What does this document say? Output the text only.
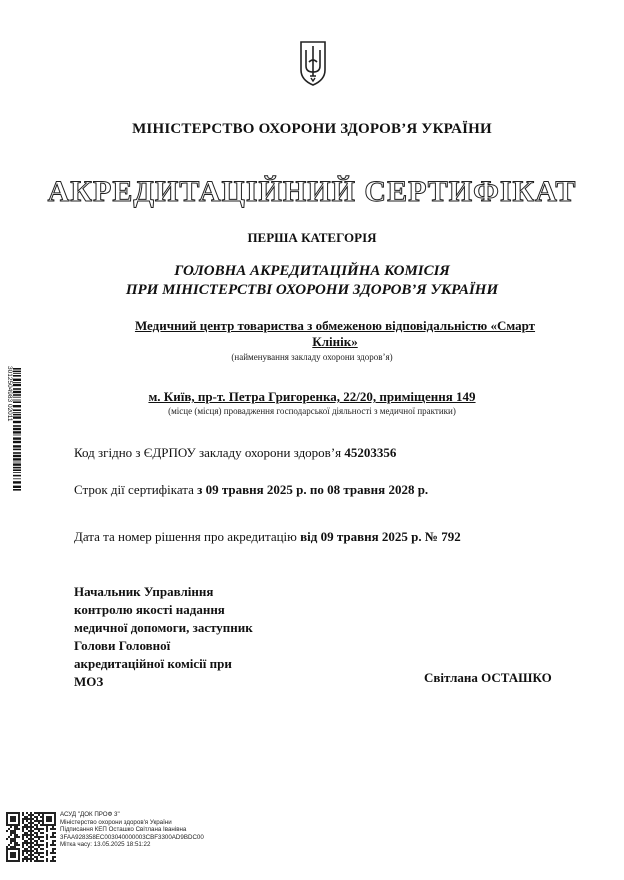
МІНІСТЕРСТВО ОХОРОНИ ЗДОРОВ’Я УКРАЇНИ
АКРЕДИТАЦІЙНИЙ СЕРТИФІКАТ
ПЕРША КАТЕГОРІЯ
ГОЛОВНА АКРЕДИТАЦІЙНА КОМІСІЯ
ПРИ МІНІСТЕРСТВІ ОХОРОНИ ЗДОРОВ’Я УКРАЇНИ
Медичний центр товариства з обмеженою відповідальністю «Смарт
Клінік»
(найменування закладу охорони здоров’я)
м. Київ, пр-т. Петра Григоренка, 22/20, приміщення 149
(місце (місця) провадження господарської діяльності з медичної практики)
Код згідно з ЄДРПОУ закладу охорони здоров’я 45203356
Строк дії сертифіката з 09 травня 2025 р. по 08 травня 2028 р.
Дата та номер рішення про акредитацію від 09 травня 2025 р. № 792
Начальник Управління
контролю якості надання
медичної допомоги, заступник
Голови Головної
акредитаційної комісії при
МОЗ	Світлана ОСТАШКО
3012504983 02011
АСУД "ДОК ПРОФ 3"
Міністерство охорони здоров'я України
Підписання КЕП Осташко Світлана Іванівна
3FAA928358EC003040000003CBF3300AD9BDC00
Мітка часу: 13.05.2025 18:51:22
